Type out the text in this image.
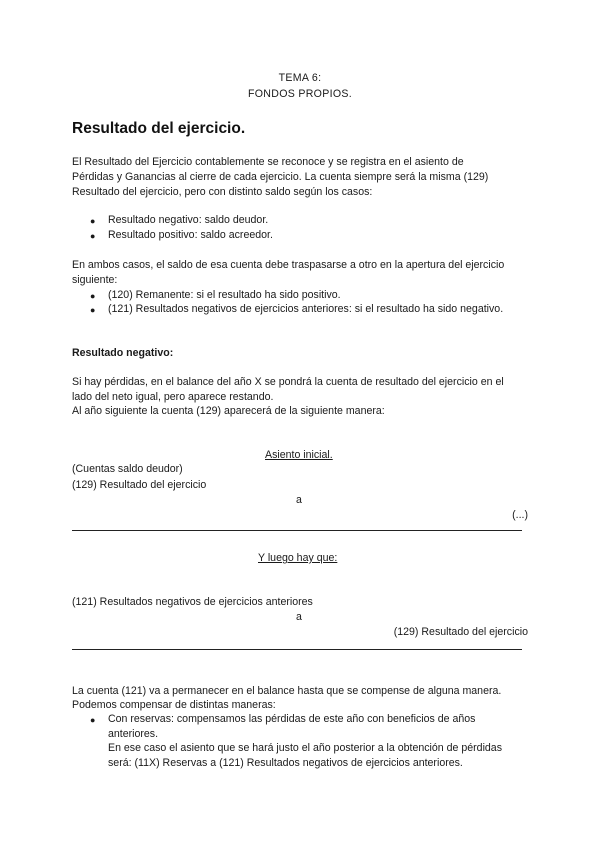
TEMA 6:
FONDOS PROPIOS.
Resultado del ejercicio.
El Resultado del Ejercicio contablemente se reconoce y se registra en el asiento de
Pérdidas y Ganancias al cierre de cada ejercicio. La cuenta siempre será la misma (129)
Resultado del ejercicio, pero con distinto saldo según los casos:
● Resultado negativo: saldo deudor.
● Resultado positivo: saldo acreedor.
En ambos casos, el saldo de esa cuenta debe traspasarse a otro en la apertura del ejercicio
siguiente:
● (120) Remanente: si el resultado ha sido positivo.
● (121) Resultados negativos de ejercicios anteriores: si el resultado ha sido negativo.
Resultado negativo:
Si hay pérdidas, en el balance del año X se pondrá la cuenta de resultado del ejercicio en el
lado del neto igual, pero aparece restando.
Al año siguiente la cuenta (129) aparecerá de la siguiente manera:
Asiento inicial.
(Cuentas saldo deudor)
(129) Resultado del ejercicio
a
(...)
Y luego hay que:
(121) Resultados negativos de ejercicios anteriores
a
(129) Resultado del ejercicio
La cuenta (121) va a permanecer en el balance hasta que se compense de alguna manera.
Podemos compensar de distintas maneras:
● Con reservas: compensamos las pérdidas de este año con beneficios de años
anteriores.
En ese caso el asiento que se hará justo el año posterior a la obtención de pérdidas
será: (11X) Reservas a (121) Resultados negativos de ejercicios anteriores.
